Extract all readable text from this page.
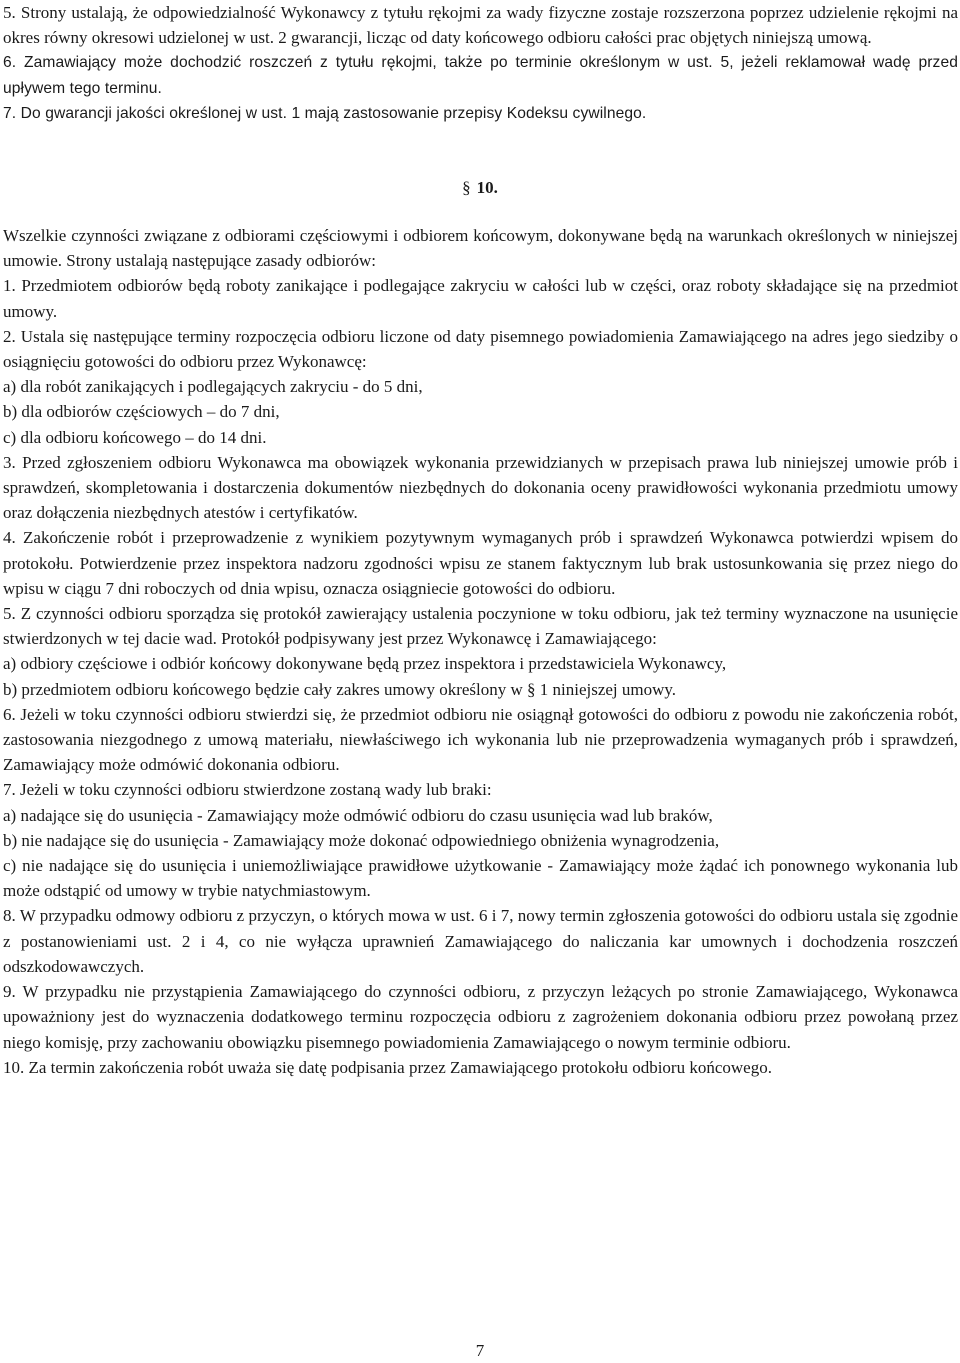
5. Strony ustalają, że odpowiedzialność Wykonawcy z tytułu rękojmi za wady fizyczne zostaje rozszerzona poprzez udzielenie rękojmi na okres równy okresowi udzielonej w ust. 2 gwarancji, licząc od daty końcowego odbioru całości prac objętych niniejszą umową.

6. Zamawiający może dochodzić roszczeń z tytułu rękojmi, także po terminie określonym w ust. 5, jeżeli reklamował wadę przed upływem tego terminu.

7. Do gwarancji jakości określonej w ust. 1 mają zastosowanie przepisy Kodeksu cywilnego.

§ 10.

Wszelkie czynności związane z odbiorami częściowymi i odbiorem końcowym, dokonywane będą na warunkach określonych w niniejszej umowie. Strony ustalają następujące zasady odbiorów:

1. Przedmiotem odbiorów będą roboty zanikające i podlegające zakryciu w całości lub w części, oraz roboty składające się na przedmiot umowy.

2. Ustala się następujące terminy rozpoczęcia odbioru liczone od daty pisemnego powiadomienia Zamawiającego na adres jego siedziby o osiągnięciu gotowości do odbioru przez Wykonawcę:

a) dla robót zanikających i podlegających zakryciu - do 5 dni,

b) dla odbiorów częściowych – do 7 dni,

c) dla odbioru końcowego – do 14 dni.

3. Przed zgłoszeniem odbioru Wykonawca ma obowiązek wykonania przewidzianych w przepisach prawa lub niniejszej umowie prób i sprawdzeń, skompletowania i dostarczenia dokumentów niezbędnych do dokonania oceny prawidłowości wykonania przedmiotu umowy oraz dołączenia niezbędnych atestów i certyfikatów.

4. Zakończenie robót i przeprowadzenie z wynikiem pozytywnym wymaganych prób i sprawdzeń Wykonawca potwierdzi wpisem do protokołu. Potwierdzenie przez inspektora nadzoru zgodności wpisu ze stanem faktycznym lub brak ustosunkowania się przez niego do wpisu w ciągu 7 dni roboczych od dnia wpisu, oznacza osiągniecie gotowości do odbioru.

5. Z czynności odbioru sporządza się protokół zawierający ustalenia poczynione w toku odbioru, jak też terminy wyznaczone na usunięcie stwierdzonych w tej dacie wad. Protokół podpisywany jest przez Wykonawcę i Zamawiającego:

a) odbiory częściowe i odbiór końcowy dokonywane będą przez inspektora i przedstawiciela Wykonawcy,

b) przedmiotem odbioru końcowego będzie cały zakres umowy określony w § 1 niniejszej umowy.

6. Jeżeli w toku czynności odbioru stwierdzi się, że przedmiot odbioru nie osiągnął gotowości do odbioru z powodu nie zakończenia robót, zastosowania niezgodnego z umową materiału, niewłaściwego ich wykonania lub nie przeprowadzenia wymaganych prób i sprawdzeń, Zamawiający może odmówić dokonania odbioru.

7. Jeżeli w toku czynności odbioru stwierdzone zostaną wady lub braki:

a) nadające się do usunięcia - Zamawiający może odmówić odbioru do czasu usunięcia wad lub braków,

b) nie nadające się do usunięcia - Zamawiający może dokonać odpowiedniego obniżenia wynagrodzenia,

c) nie nadające się do usunięcia i uniemożliwiające prawidłowe użytkowanie - Zamawiający może żądać ich ponownego wykonania lub może odstąpić od umowy w trybie natychmiastowym.

8. W przypadku odmowy odbioru z przyczyn, o których mowa w ust. 6 i 7, nowy termin zgłoszenia gotowości do odbioru ustala się zgodnie z postanowieniami ust. 2 i 4, co nie wyłącza uprawnień Zamawiającego do naliczania kar umownych i dochodzenia roszczeń odszkodowawczych.

9. W przypadku nie przystąpienia Zamawiającego do czynności odbioru, z przyczyn leżących po stronie Zamawiającego, Wykonawca upoważniony jest do wyznaczenia dodatkowego terminu rozpoczęcia odbioru z zagrożeniem dokonania odbioru przez powołaną przez niego komisję, przy zachowaniu obowiązku pisemnego powiadomienia Zamawiającego o nowym terminie odbioru.

10. Za termin zakończenia robót uważa się datę podpisania przez Zamawiającego protokołu odbioru końcowego.

7
